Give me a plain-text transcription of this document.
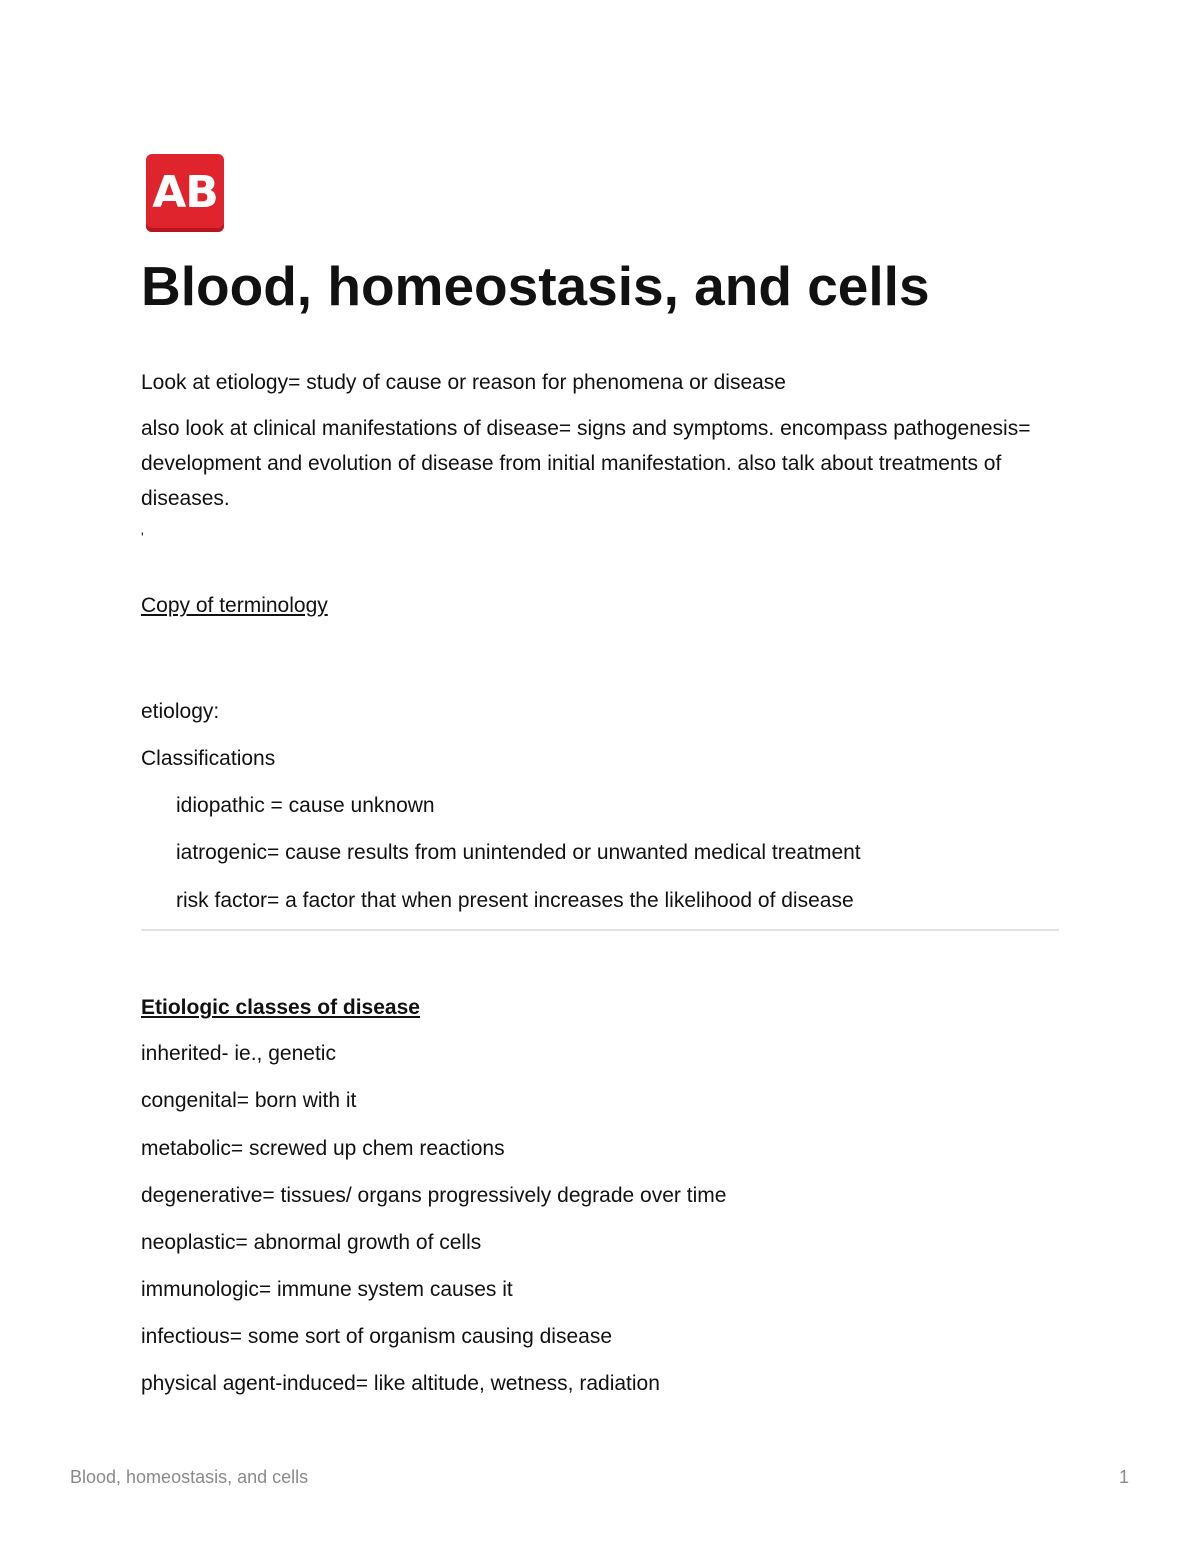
AB
Blood, homeostasis, and cells

Look at etiology= study of cause or reason for phenomena or disease

also look at clinical manifestations of disease= signs and symptoms. encompass pathogenesis= development and evolution of disease from initial manifestation. also talk about treatments of diseases.

'

Copy of terminology

etiology:

Classifications

idiopathic = cause unknown

iatrogenic= cause results from unintended or unwanted medical treatment

risk factor= a factor that when present increases the likelihood of disease

Etiologic classes of disease

inherited- ie., genetic

congenital= born with it

metabolic= screwed up chem reactions

degenerative= tissues/ organs progressively degrade over time

neoplastic= abnormal growth of cells

immunologic= immune system causes it

infectious= some sort of organism causing disease

physical agent-induced= like altitude, wetness, radiation

Blood, homeostasis, and cells	1
